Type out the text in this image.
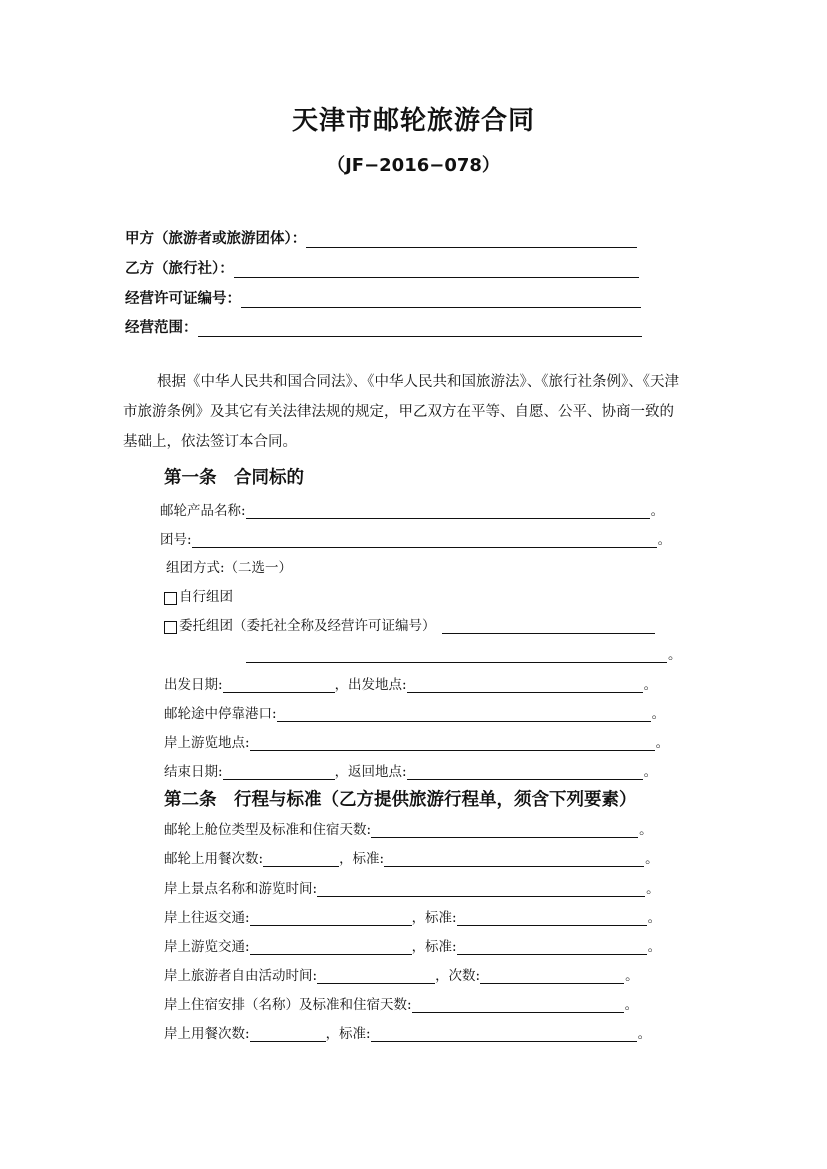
天津市邮轮旅游合同
（JF−2016−078）
甲方（旅游者或旅游团体）：
乙方（旅行社）：
经营许可证编号：
经营范围：
根据《中华人民共和国合同法》、《中华人民共和国旅游法》、《旅行社条例》、《天津
市旅游条例》及其它有关法律法规的规定，甲乙双方在平等、自愿、公平、协商一致的
基础上，依法签订本合同。
第一条　合同标的
邮轮产品名称:	。
团号:	。
组团方式:（二选一）
自行组团
委托组团（委托社全称及经营许可证编号）
。
出发日期:	，出发地点:	。
邮轮途中停靠港口:	。
岸上游览地点:	。
结束日期:	，返回地点:	。
第二条　行程与标准（乙方提供旅游行程单，须含下列要素）
邮轮上舱位类型及标准和住宿天数:	。
邮轮上用餐次数:	，标准:	。
岸上景点名称和游览时间:	。
岸上往返交通:	，标准:	。
岸上游览交通:	，标准:	。
岸上旅游者自由活动时间:	，次数:	。
岸上住宿安排（名称）及标准和住宿天数:	。
岸上用餐次数:	，标准:	。
